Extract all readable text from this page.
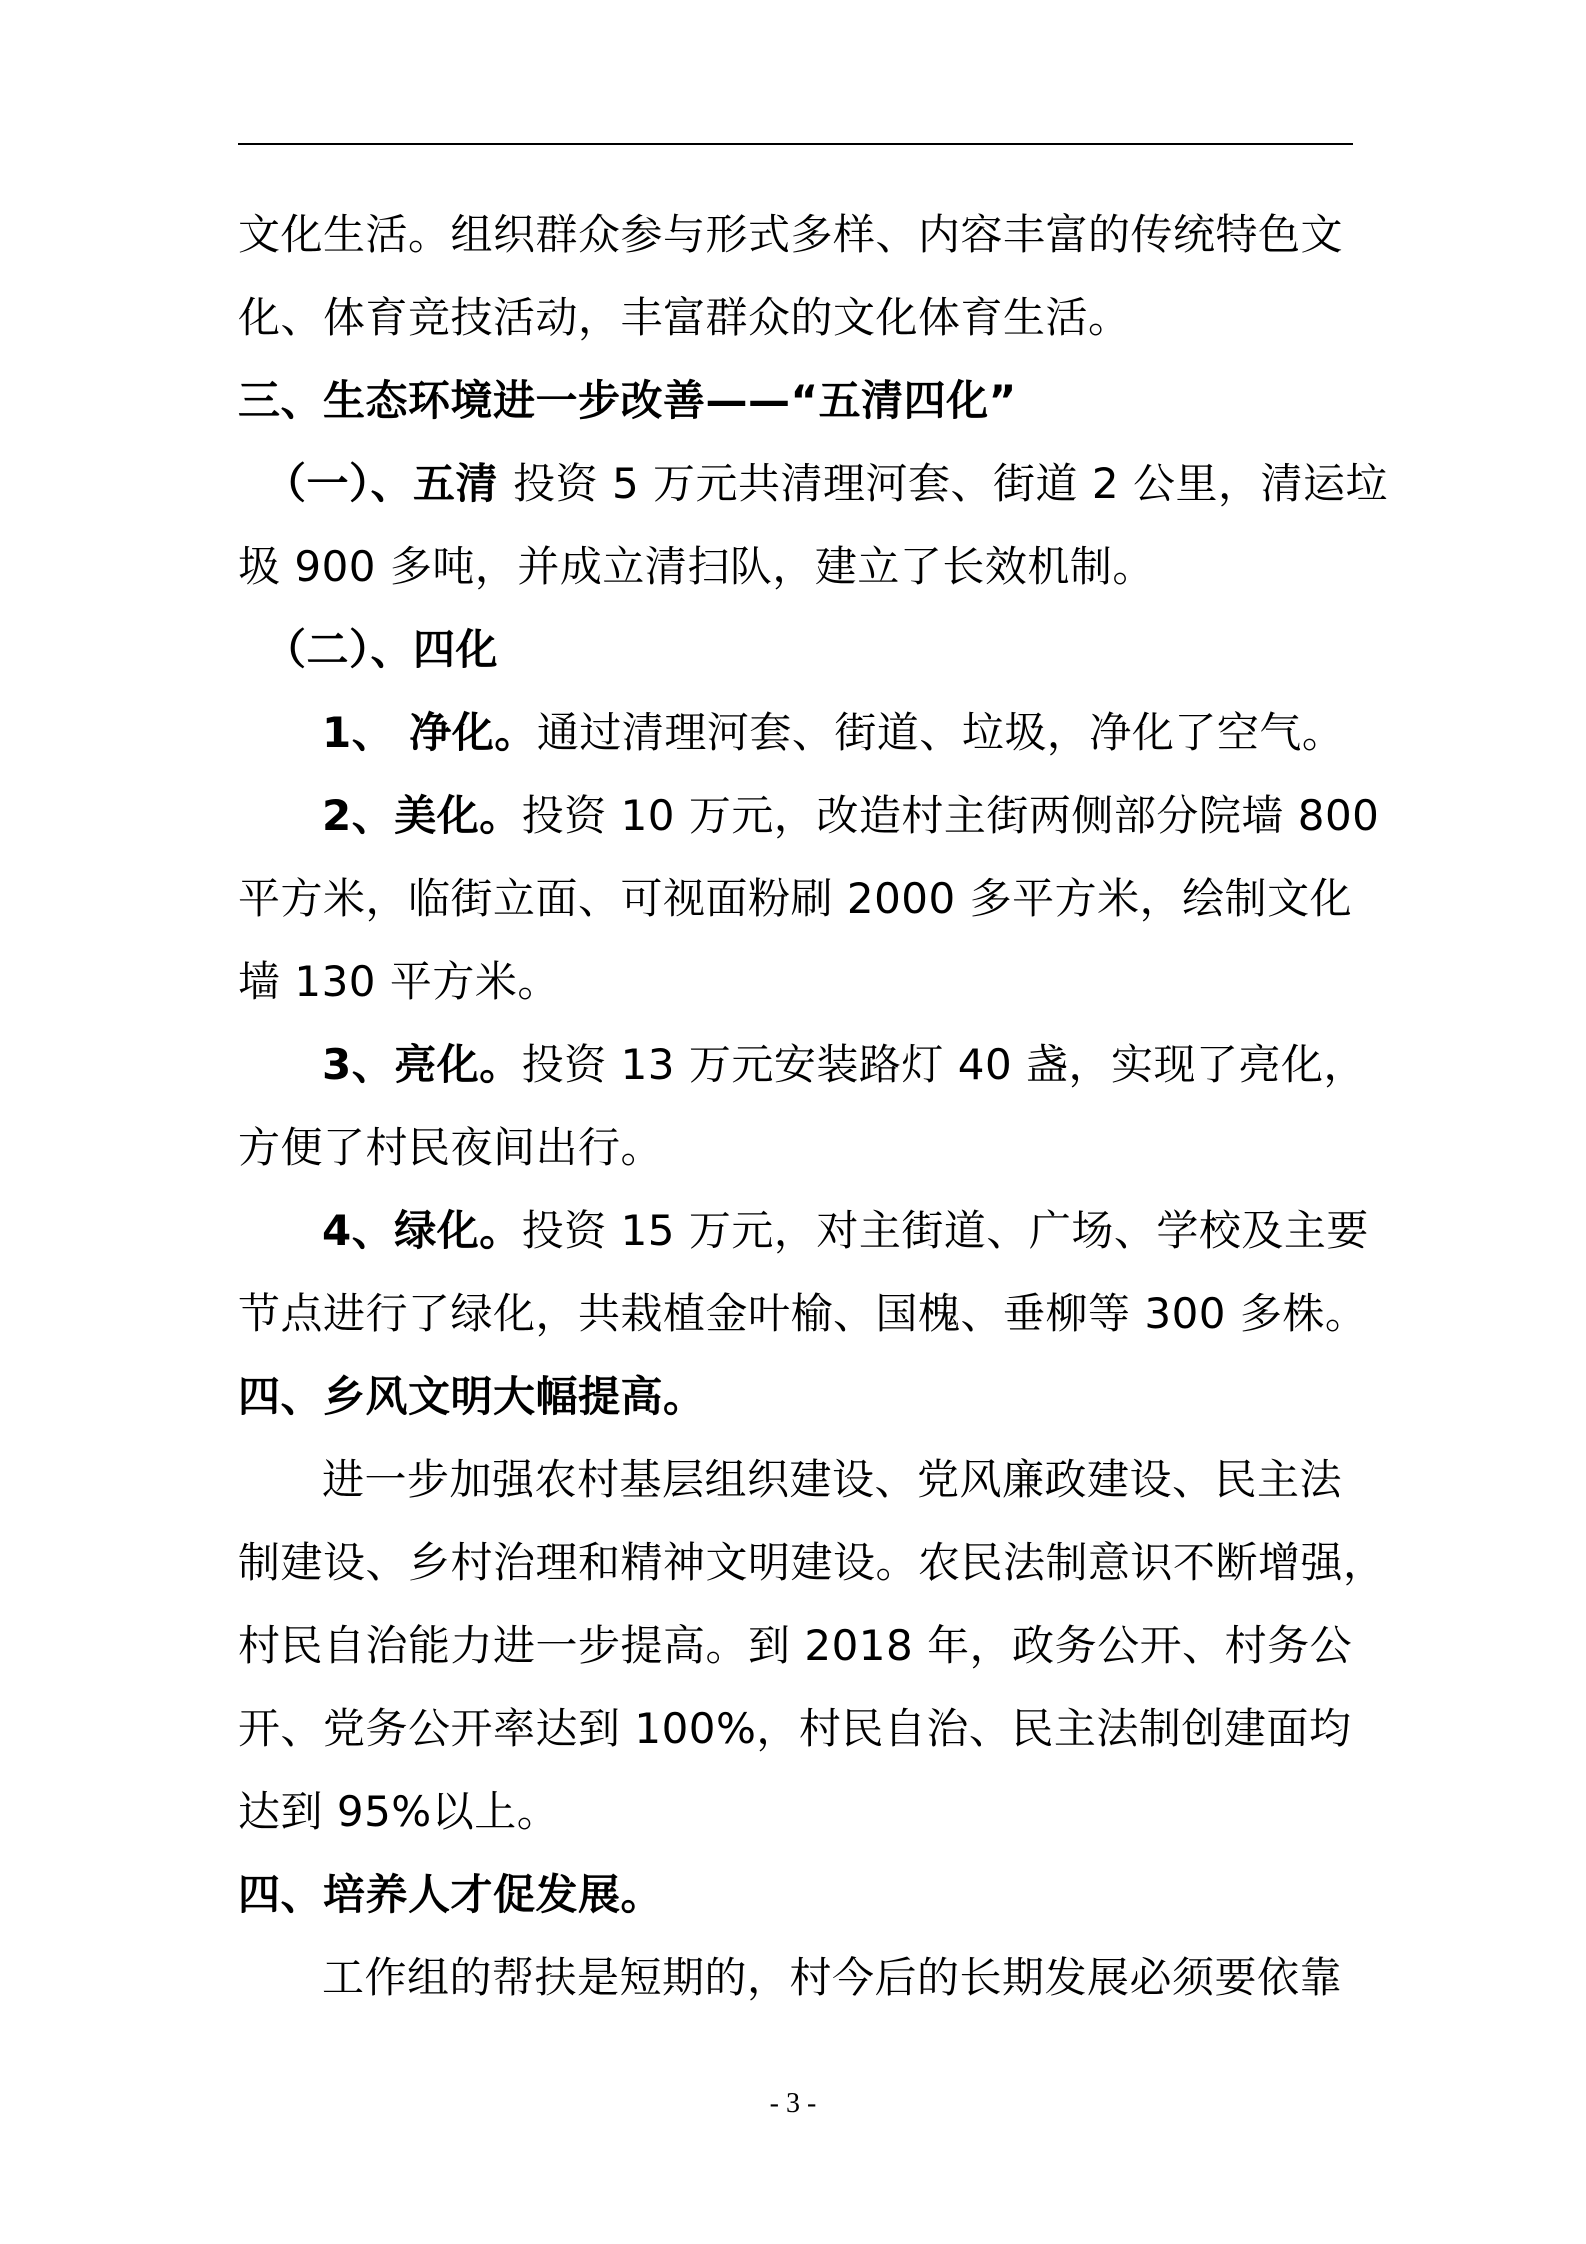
文化生活。组织群众参与形式多样、内容丰富的传统特色文
化、体育竞技活动，丰富群众的文化体育生活。
三、生态环境进一步改善——“五清四化”
（一）、五清 投资 5 万元共清理河套、街道 2 公里，清运垃
圾 900 多吨，并成立清扫队，建立了长效机制。
（二）、四化
1、 净化。通过清理河套、街道、垃圾，净化了空气。
2、美化。投资 10 万元，改造村主街两侧部分院墙 800
平方米，临街立面、可视面粉刷 2000 多平方米，绘制文化
墙 130 平方米。
3、亮化。投资 13 万元安装路灯 40 盏，实现了亮化，
方便了村民夜间出行。
4、绿化。投资 15 万元，对主街道、广场、学校及主要
节点进行了绿化，共栽植金叶榆、国槐、垂柳等 300 多株。
四、乡风文明大幅提高。
进一步加强农村基层组织建设、党风廉政建设、民主法
制建设、乡村治理和精神文明建设。农民法制意识不断增强，
村民自治能力进一步提高。到 2018 年，政务公开、村务公
开、党务公开率达到 100%，村民自治、民主法制创建面均
达到 95%以上。
四、培养人才促发展。
工作组的帮扶是短期的，村今后的长期发展必须要依靠
- 3 -
